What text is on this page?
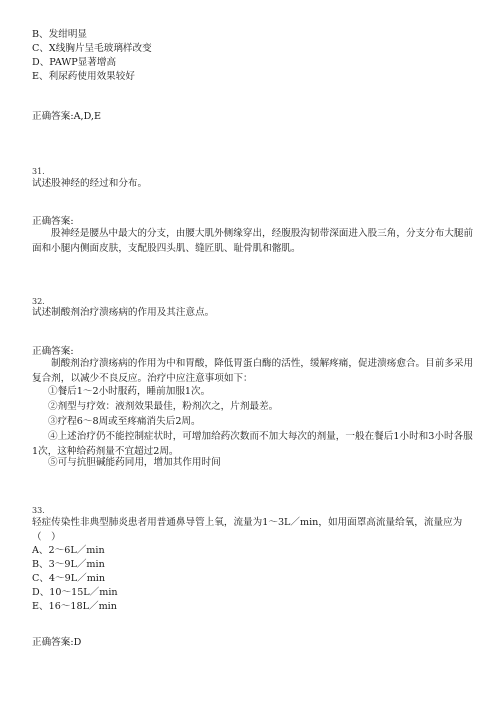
B、发绀明显
C、X线胸片呈毛玻璃样改变
D、PAWP显著增高
E、利尿药使用效果较好
正确答案:A,D,E
31.
试述股神经的经过和分布。
正确答案:
股神经是腰丛中最大的分支，由腰大肌外侧缘穿出，经腹股沟韧带深面进入股三角，分支分布大腿前面和小腿内侧面皮肤，支配股四头肌、缝匠肌、耻骨肌和髂肌。
32.
试述制酸剂治疗溃疡病的作用及其注意点。
正确答案:
制酸剂治疗溃疡病的作用为中和胃酸，降低胃蛋白酶的活性，缓解疼痛，促进溃疡愈合。目前多采用复合剂，以减少不良反应。治疗中应注意事项如下：
①餐后1～2小时服药，睡前加服1次。
②剂型与疗效：液剂效果最佳，粉剂次之，片剂最差。
③疗程6～8周或至疼痛消失后2周。
④上述治疗仍不能控制症状时，可增加给药次数而不加大每次的剂量，一般在餐后1小时和3小时各服1次，这种给药剂量不宜超过2周。
⑤可与抗胆碱能药同用，增加其作用时间
33.
轻症传染性非典型肺炎患者用普通鼻导管上氧，流量为1～3L／min，如用面罩高流量给氧，流量应为（　）
A、2～6L／min
B、3～9L／min
C、4～9L／min
D、10～15L／min
E、16～18L／min
正确答案:D
